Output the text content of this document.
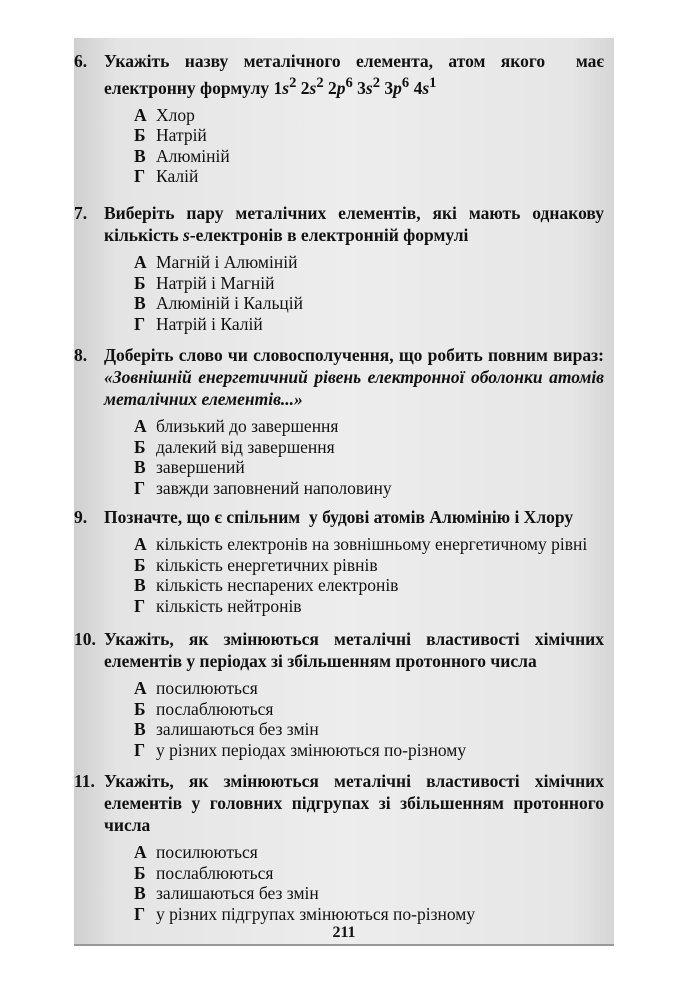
6. Укажіть назву металічного елемента, атом якого  має електронну формулу $1s^2$ $2s^2$ $2p^6$ $3s^2$ $3p^6$ $4s^1$
А Хлор
Б Натрій
В Алюміній
Г Калій
7. Виберіть пару металічних елементів, які мають однакову кількість s-електронів в електронній формулі
А Магній і Алюміній
Б Натрій і Магній
В Алюміній і Кальцій
Г Натрій і Калій
8. Доберіть слово чи словосполучення, що робить повним вираз: «Зовнішній енергетичний рівень електронної оболонки атомів металічних елементів...»
А близький до завершення
Б далекий від завершення
В завершений
Г завжди заповнений наполовину
9. Позначте, що є спільним  у будові атомів Алюмінію і Хлору
А кількість електронів на зовнішньому енергетичному рівні
Б кількість енергетичних рівнів
В кількість неспарених електронів
Г кількість нейтронів
10. Укажіть, як змінюються металічні властивості хімічних елементів у періодах зі збільшенням протонного числа
А посилюються
Б послаблюються
В залишаються без змін
Г у різних періодах змінюються по-різному
11. Укажіть, як змінюються металічні властивості хімічних елементів у головних підгрупах зі збільшенням протонного числа
А посилюються
Б послаблюються
В залишаються без змін
Г у різних підгрупах змінюються по-різному
211
